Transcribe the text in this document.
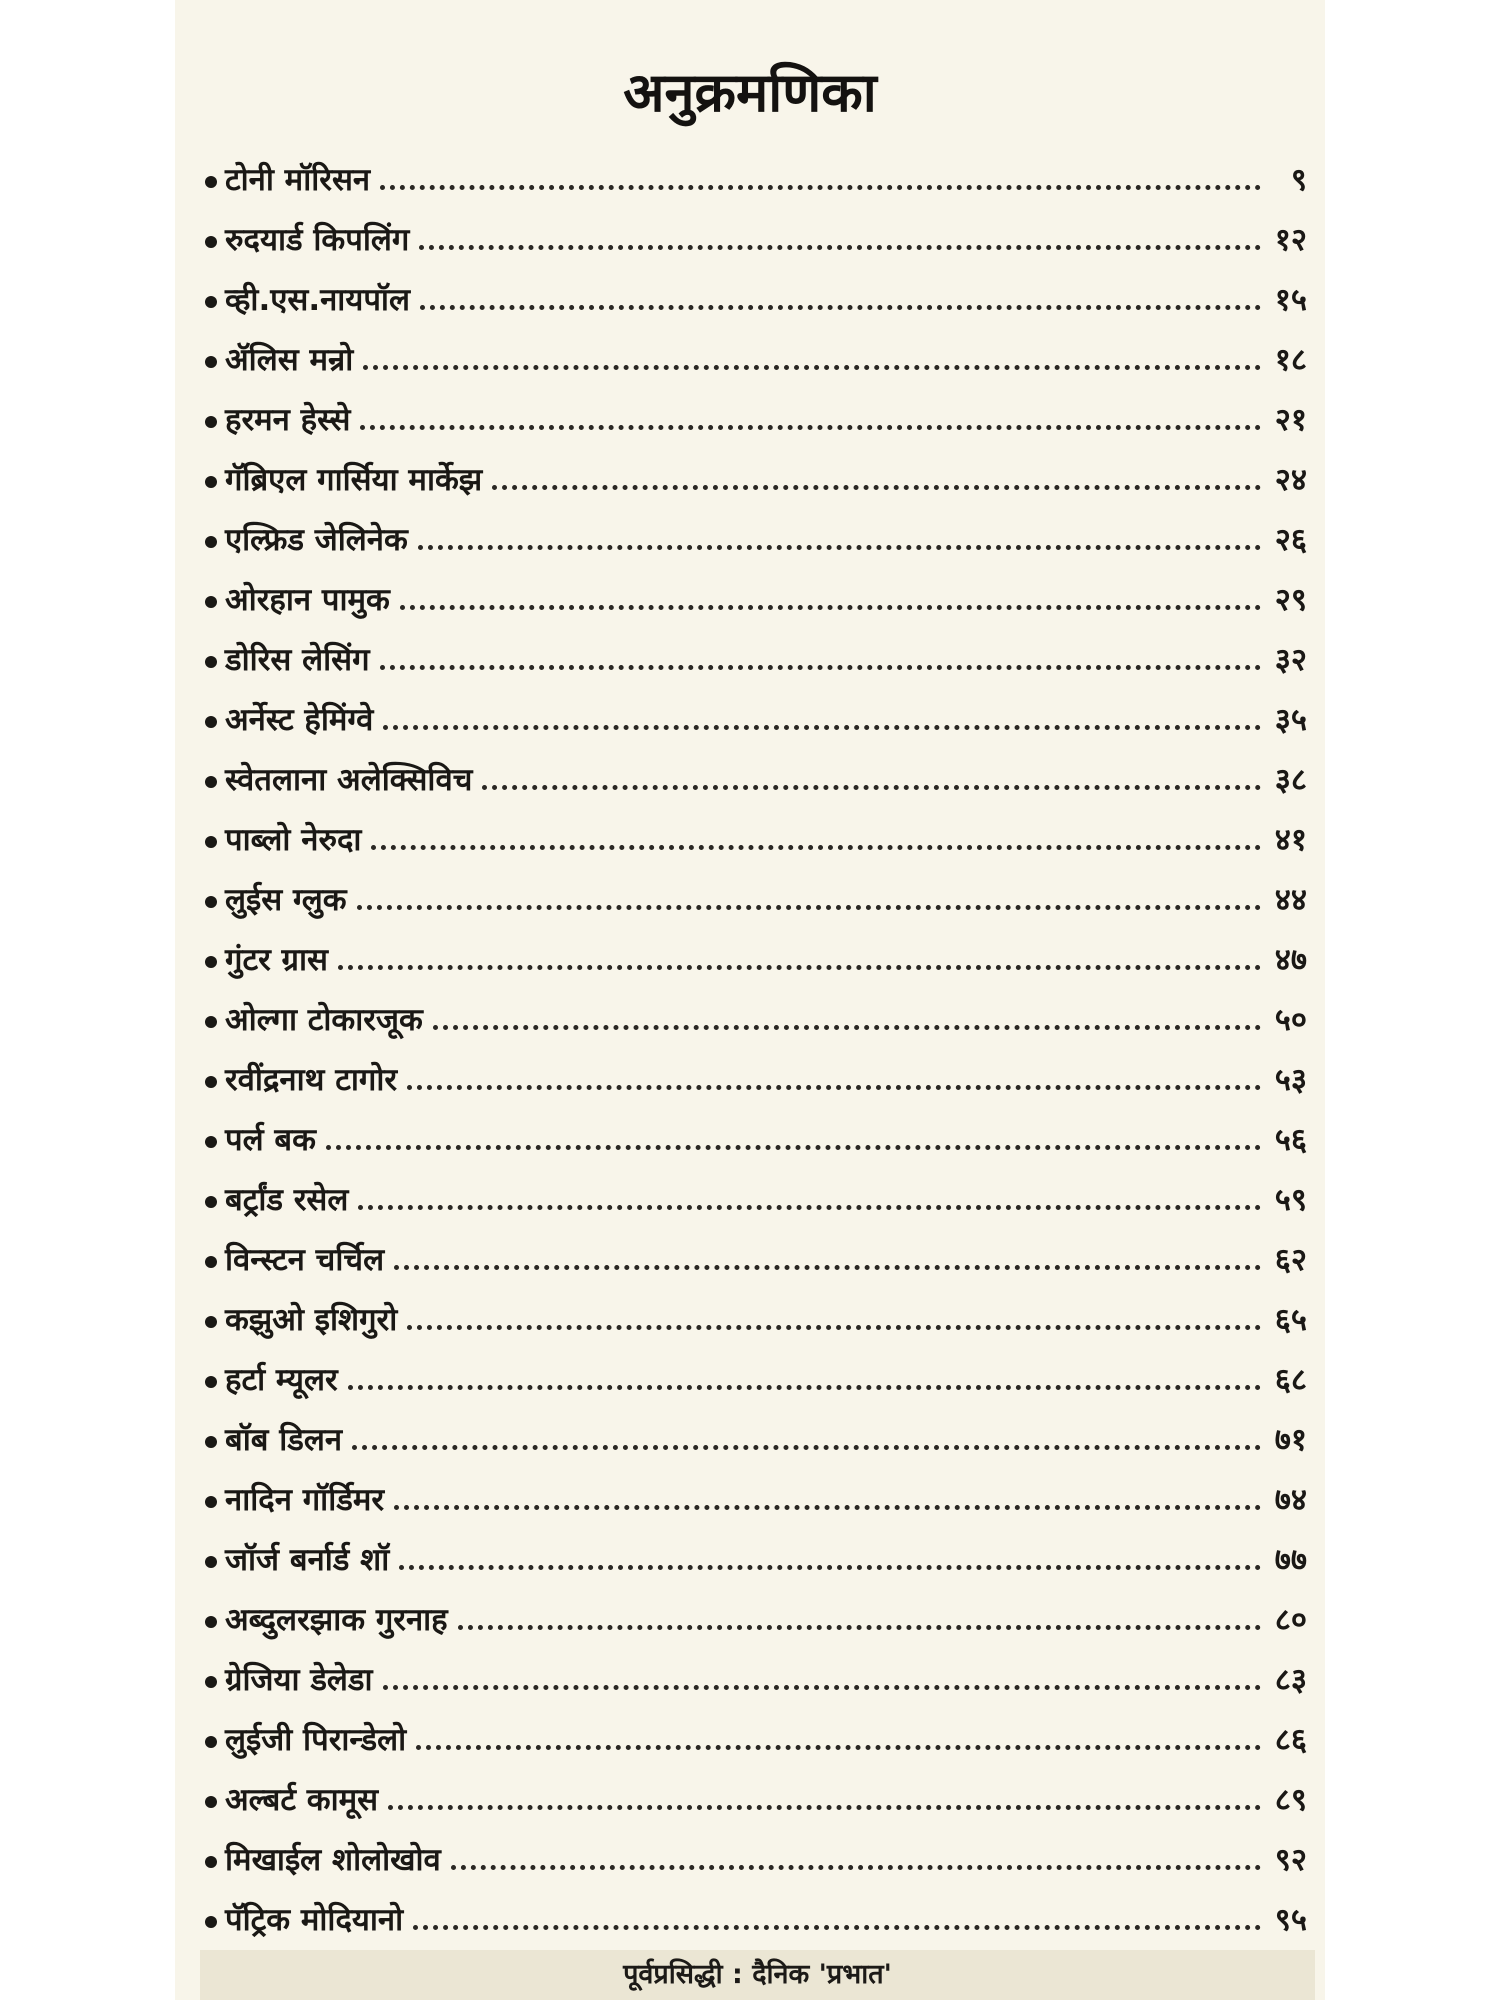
अनुक्रमणिका
टोनी मॉरिसन	९
रुदयार्ड किपलिंग	१२
व्ही.एस.नायपॉल	१५
ॲलिस मन्रो	१८
हरमन हेस्से	२१
गॅब्रिएल गार्सिया मार्केझ	२४
एल्फ्रिड जेलिनेक	२६
ओरहान पामुक	२९
डोरिस लेसिंग	३२
अर्नेस्ट हेमिंग्वे	३५
स्वेतलाना अलेक्सिविच	३८
पाब्लो नेरुदा	४१
लुईस ग्लुक	४४
गुंटर ग्रास	४७
ओल्गा टोकारजूक	५०
रवींद्रनाथ टागोर	५३
पर्ल बक	५६
बर्ट्रांड रसेल	५९
विन्स्टन चर्चिल	६२
कझुओ इशिगुरो	६५
हर्टा म्यूलर	६८
बॉब डिलन	७१
नादिन गॉर्डिमर	७४
जॉर्ज बर्नार्ड शॉ	७७
अब्दुलरझाक गुरनाह	८०
ग्रेजिया डेलेडा	८३
लुईजी पिरान्डेलो	८६
अल्बर्ट कामूस	८९
मिखाईल शोलोखोव	९२
पॅट्रिक मोदियानो	९५
पूर्वप्रसिद्धी : दैनिक 'प्रभात'
